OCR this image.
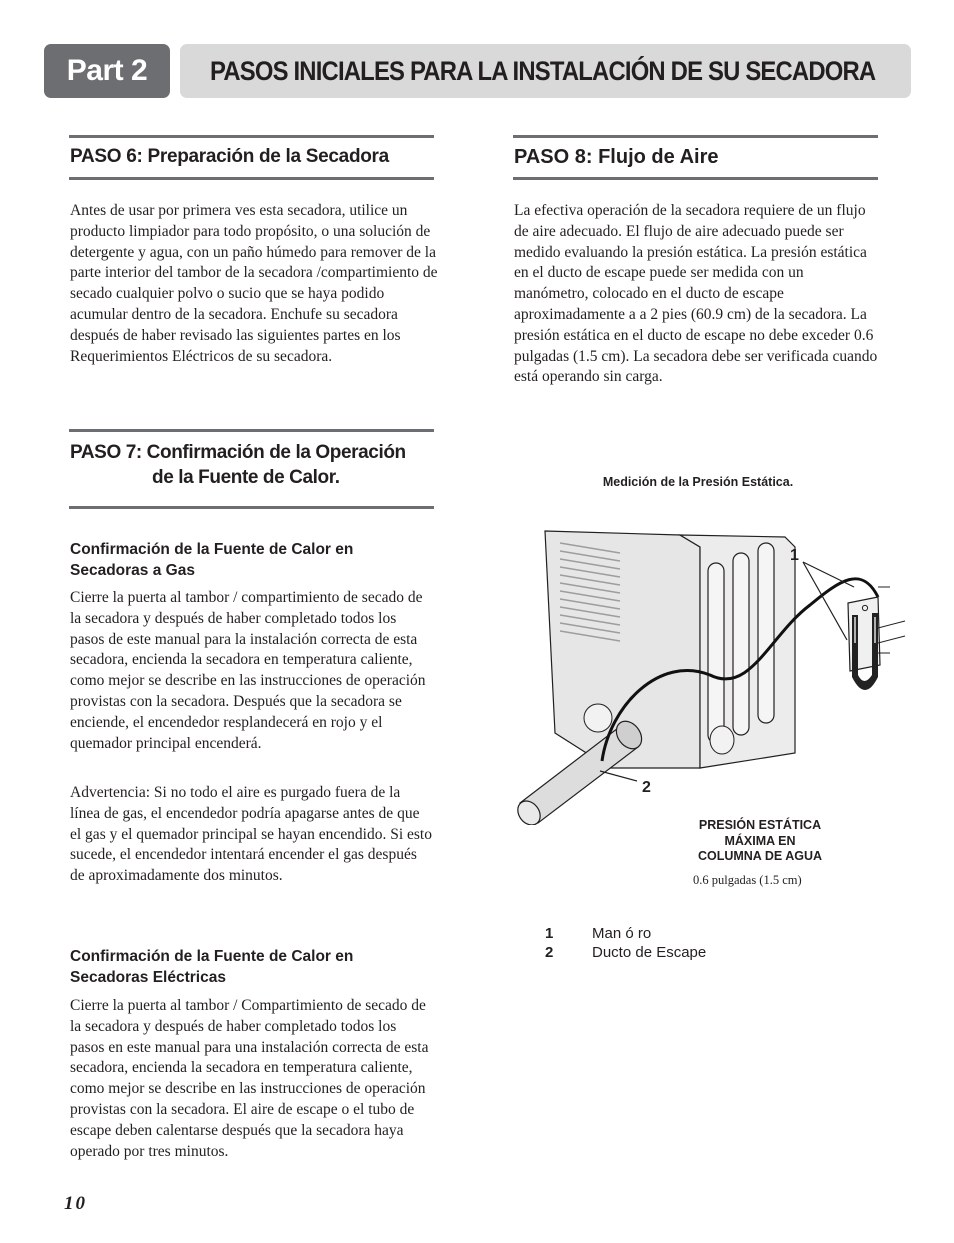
Part 2	PASOS INICIALES PARA LA INSTALACIÓN DE SU SECADORA
PASO 6: Preparación de la Secadora

Antes de usar por primera ves esta secadora, utilice un producto limpiador para todo propósito, o una solución de detergente y agua, con un paño húmedo para remover de la parte interior del tambor de la secadora /compartimiento de secado cualquier polvo o sucio que se haya podido acumular dentro de la secadora. Enchufe su secadora después de haber revisado las siguientes partes en los Requerimientos Eléctricos de su secadora.

PASO 7: Confirmación de la Operación
de la Fuente de Calor.
Confirmación de la Fuente de Calor en Secadoras a Gas

Cierre la puerta al tambor / compartimiento de secado de la secadora y después de haber completado todos los pasos de este manual para la instalación correcta de esta secadora, encienda la secadora en temperatura caliente, como mejor se describe en las instrucciones de operación provistas con la secadora. Después que la secadora se enciende, el encendedor resplandecerá en rojo y el quemador principal encenderá.

Advertencia: Si no todo el aire es purgado fuera de la línea de gas, el encendedor podría apagarse antes de que el gas y el quemador principal se hayan encendido. Si esto sucede, el encendedor intentará encender el gas después de aproximadamente dos minutos.

Confirmación de la Fuente de Calor en Secadoras Eléctricas

Cierre la puerta al tambor / Compartimiento de secado de la secadora y después de haber completado todos los pasos en este manual para una instalación correcta de esta secadora, encienda la secadora en temperatura caliente, como mejor se describe en las instrucciones de operación provistas con la secadora. El aire de escape o el tubo de escape deben calentarse después que la secadora haya operado por tres minutos.

PASO 8: Flujo de Aire

La efectiva operación de la secadora requiere de un flujo de aire adecuado. El flujo de aire adecuado puede ser medido evaluando la presión estática. La presión estática en el ducto de escape puede ser medida con un manómetro, colocado en el ducto de escape aproximadamente a a 2 pies (60.9 cm) de la secadora. La presión estática en el ducto de escape no debe exceder 0.6 pulgadas (1.5 cm). La secadora debe ser verificada cuando está operando sin carga.

Medición de la Presión Estática.
1
2
PRESIÓN ESTÁTICA
MÁXIMA EN
COLUMNA DE AGUA
0.6 pulgadas (1.5 cm)
1	Man ó ro
2	Ducto de Escape
10
